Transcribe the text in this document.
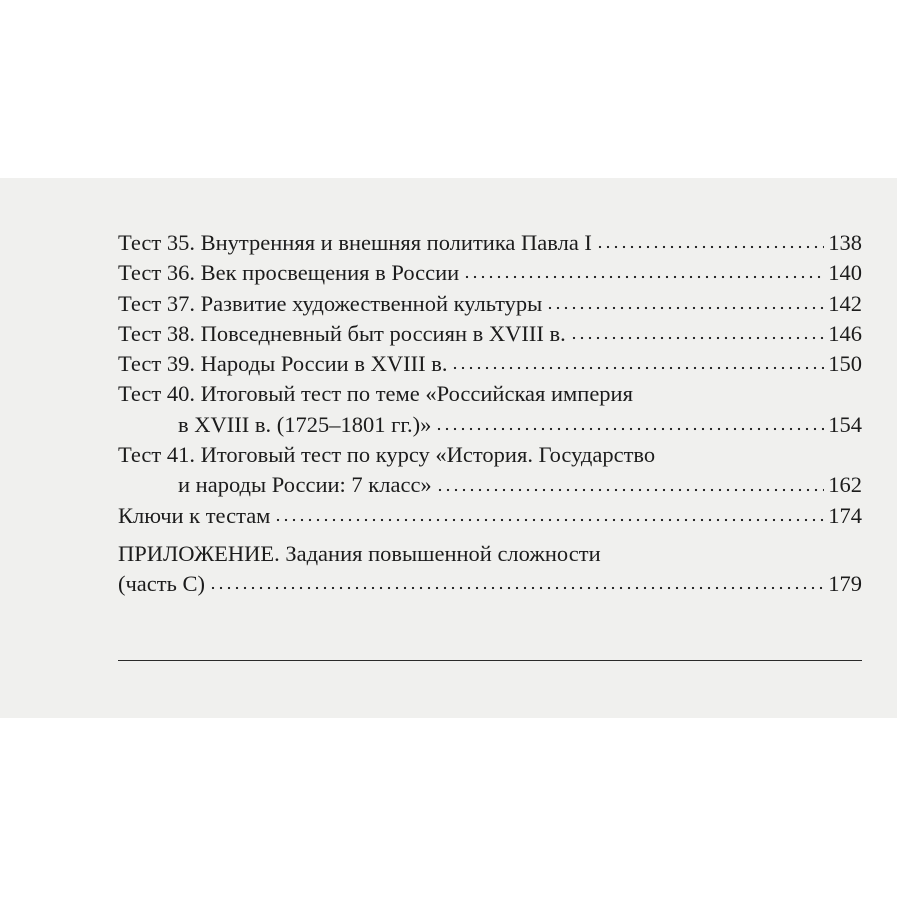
Тест 35. Внутренняя и внешняя политика Павла I	138
Тест 36. Век просвещения в России	140
Тест 37. Развитие художественной культуры	142
Тест 38. Повседневный быт россиян в XVIII в.	146
Тест 39. Народы России в XVIII в.	150
Тест 40. Итоговый тест по теме «Российская империя
в XVIII в. (1725–1801 гг.)»	154
Тест 41. Итоговый тест по курсу «История. Государство
и народы России: 7 класс»	162
Ключи к тестам	174
ПРИЛОЖЕНИЕ. Задания повышенной сложности
(часть С)	179
